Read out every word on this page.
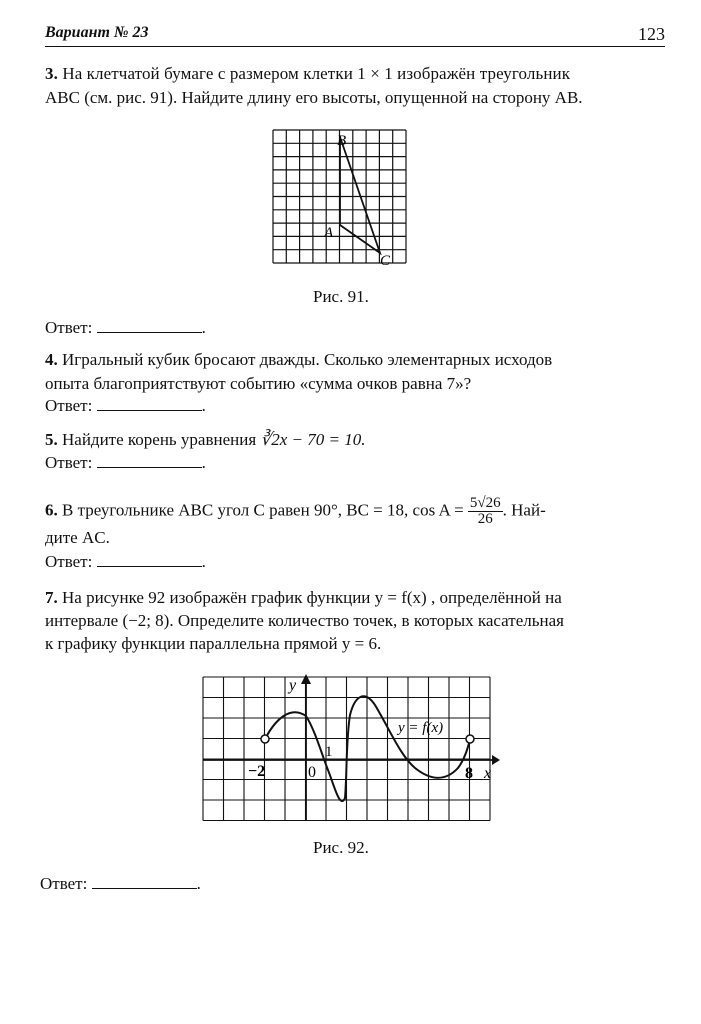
Вариант № 23	123
3. На клетчатой бумаге с размером клетки 1 × 1 изображён треугольник
ABC (см. рис. 91). Найдите длину его высоты, опущенной на сторону AB.
B
A
C
Рис. 91.
Ответ:	.
4. Игральный кубик бросают дважды. Сколько элементарных исходов
опыта благоприятствуют событию «сумма очков равна 7»?
Ответ:	.
5. Найдите корень уравнения ∛2x − 70 = 10.
Ответ:	.
6. В треугольнике ABC угол C равен 90°, BC = 18, $\cos A = \frac{5√26}{26}$ . Най-
дите AC.
Ответ:	.
7. На рисунке 92 изображён график функции y = f(x) , определённой на
интервале (−2; 8). Определите количество точек, в которых касательная
к графику функции параллельна прямой y = 6.
y
x
y = f(x)
−2	0
1
8
Рис. 92.
Ответ:	.
